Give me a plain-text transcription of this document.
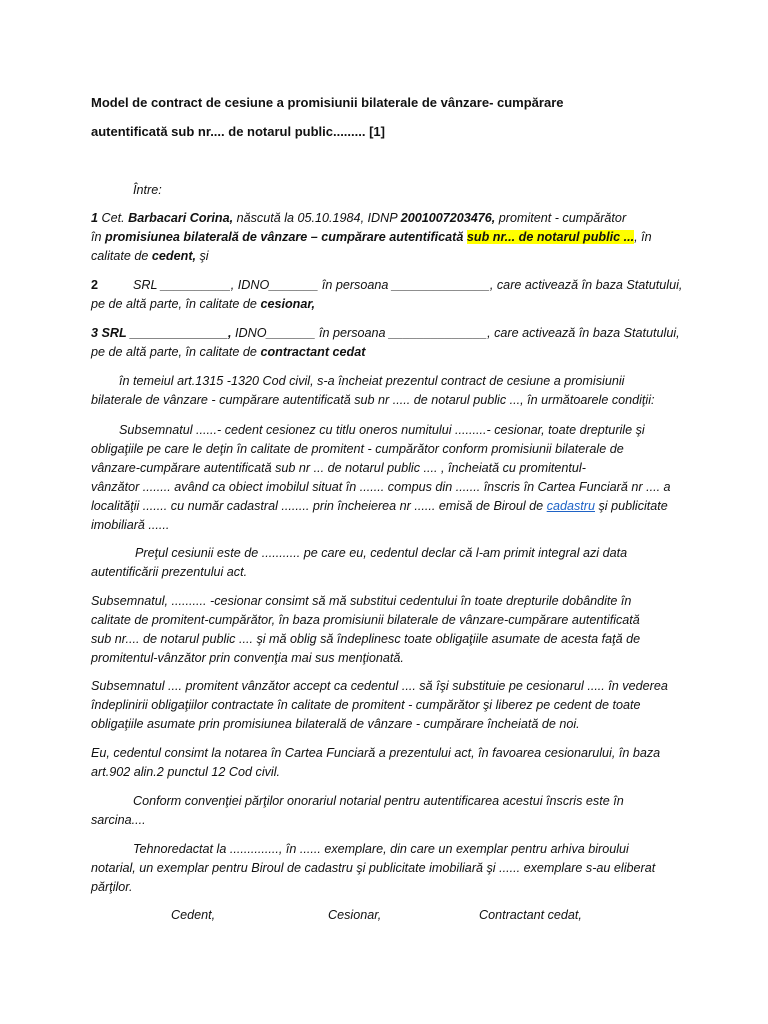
Model de contract de cesiune a promisiunii bilaterale de vânzare- cumpărare
autentificată sub nr.... de notarul public......... [1]
Între:
1 Cet. Barbacari Corina, născută la 05.10.1984, IDNP 2001007203476, promitent - cumpărător
în promisiunea bilaterală de vânzare – cumpărare autentificată sub nr... de notarul public ..., în
calitate de cedent, şi
2	SRL __________, IDNO_______ în persoana ______________, care activează în baza Statutului,
pe de altă parte, în calitate de cesionar,
3 SRL ______________, IDNO_______ în persoana ______________, care activează în baza Statutului,
pe de altă parte, în calitate de contractant cedat
în temeiul art.1315 -1320 Cod civil, s-a încheiat prezentul contract de cesiune a promisiunii
bilaterale de vânzare - cumpărare autentificată sub nr ..... de notarul public ..., în următoarele condiţii:
Subsemnatul ......- cedent cesionez cu titlu oneros numitului .........- cesionar, toate drepturile şi
obligaţiile pe care le deţin în calitate de promitent - cumpărător conform promisiunii bilaterale de
vânzare-cumpărare autentificată sub nr ... de notarul public .... , încheiată cu promitentul-
vânzător ........ având ca obiect imobilul situat în ....... compus din ....... înscris în Cartea Funciară nr .... a
localităţii ....... cu număr cadastral ........ prin încheierea nr ...... emisă de Biroul de cadastru şi publicitate
imobiliară ......
Preţul cesiunii este de ........... pe care eu, cedentul declar că l-am primit integral azi data
autentificării prezentului act.
Subsemnatul, .......... -cesionar consimt să mă substitui cedentului în toate drepturile dobândite în
calitate de promitent-cumpărător, în baza promisiunii bilaterale de vânzare-cumpărare autentificată
sub nr.... de notarul public .... şi mă oblig să îndeplinesc toate obligaţiile asumate de acesta faţă de
promitentul-vânzător prin convenţia mai sus menţionată.
Subsemnatul .... promitent vânzător accept ca cedentul .... să îşi substituie pe cesionarul ..... în vederea
îndeplinirii obligaţiilor contractate în calitate de promitent - cumpărător şi liberez pe cedent de toate
obligaţiile asumate prin promisiunea bilaterală de vânzare - cumpărare încheiată de noi.
Eu, cedentul consimt la notarea în Cartea Funciară a prezentului act, în favoarea cesionarului, în baza
art.902 alin.2 punctul 12 Cod civil.
Conform convenţiei părţilor onorariul notarial pentru autentificarea acestui înscris este în
sarcina....
Tehnoredactat la .............., în ...... exemplare, din care un exemplar pentru arhiva biroului
notarial, un exemplar pentru Biroul de cadastru şi publicitate imobiliară şi ...... exemplare s-au eliberat
părţilor.
Cedent,	Cesionar,	Contractant cedat,
